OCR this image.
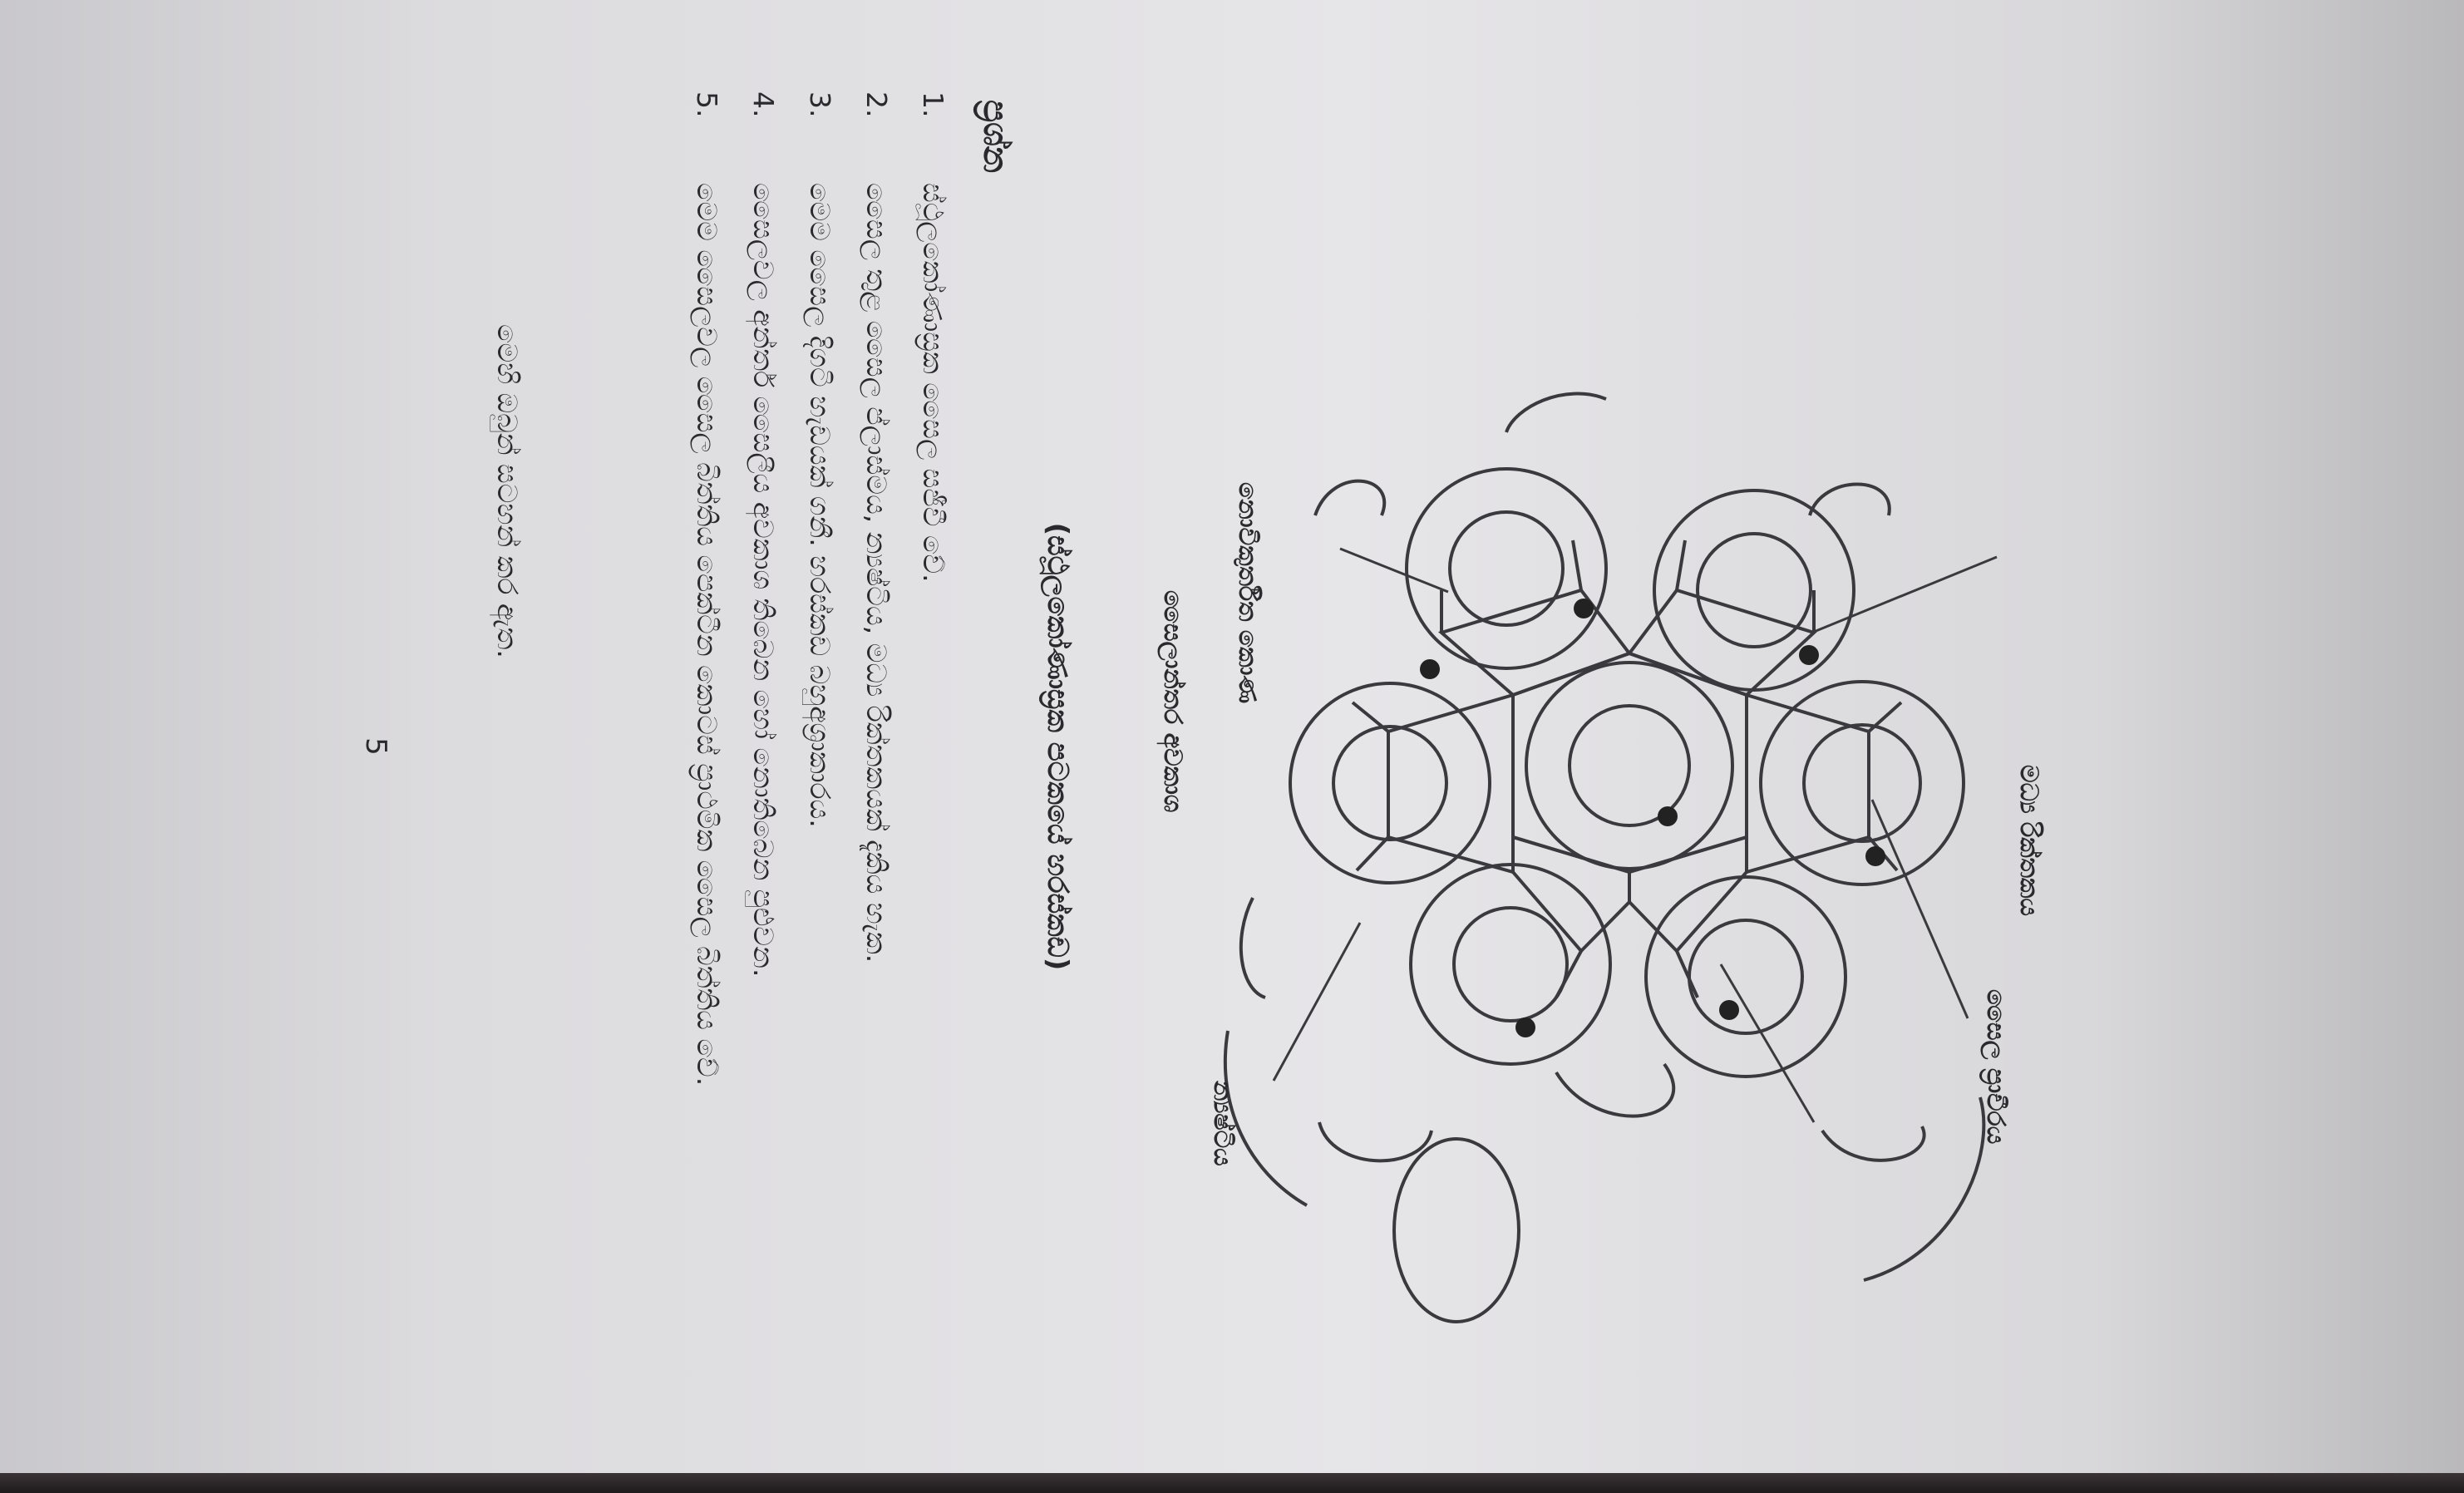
න්‍යෂ්ටිය	සෛල ප්‍රාචීරය
මධ්‍ය රික්තකය
සෛලාන්තර අවකාශ නොවිකුර්තිත කොණ
(ස්ථූලකෝණාස්‍රක පටකයේ හරස්කඩ)
ප්‍රශ්න
1.
ස්ථූලකෝණාස්‍රක සෛල සජීවී වේ.
2.
සෛල තුළ සෛල ප්ලාස්මය, න්‍යෂ්ටිය, මධ්‍ය රික්තකයක් දැකිය හැක.
3.
මෙම සෛල දිගටි හැඩයක් ගනී. හරස්කඩ බහුඅශ්‍රාකාරය.
4.
සෛලවල අන්තර් සෛලීය අවකාශ තිබෙන හෝ නොතිබෙන පුළුවන.
5.
මෙම සෛලවල සෛල බිත්තිය පෙක්ටීන කොටස් ප්‍රාථමික සෛල බිත්තිය වේ.
මෙහි ඔබුන් සටහන් කර ඇත.
5
